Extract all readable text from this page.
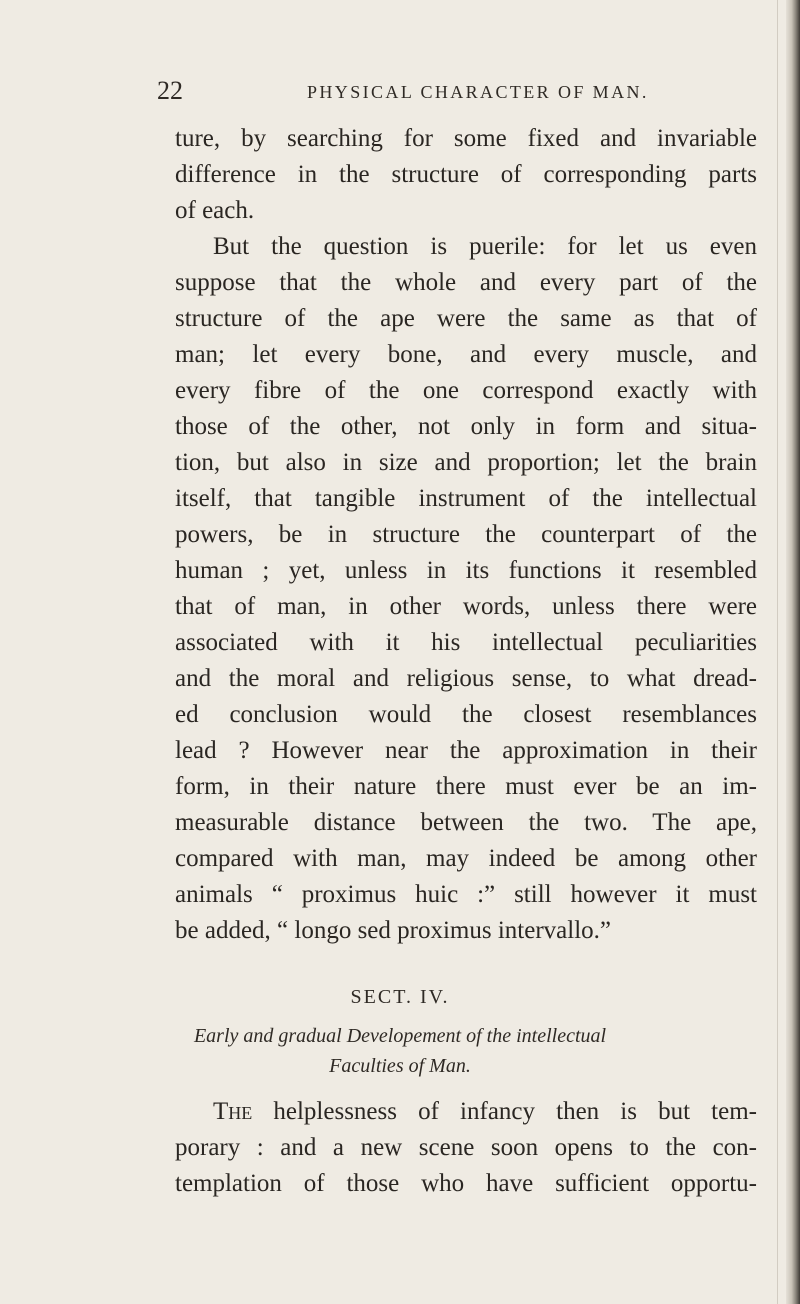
22	PHYSICAL CHARACTER OF MAN.
ture, by searching for some fixed and invariable
difference in the structure of corresponding parts
of each.
But the question is puerile: for let us even
suppose that the whole and every part of the
structure of the ape were the same as that of
man; let every bone, and every muscle, and
every fibre of the one correspond exactly with
those of the other, not only in form and situa-
tion, but also in size and proportion; let the brain
itself, that tangible instrument of the intellectual
powers, be in structure the counterpart of the
human ; yet, unless in its functions it resembled
that of man, in other words, unless there were
associated with it his intellectual peculiarities
and the moral and religious sense, to what dread-
ed conclusion would the closest resemblances
lead ? However near the approximation in their
form, in their nature there must ever be an im-
measurable distance between the two. The ape,
compared with man, may indeed be among other
animals “ proximus huic :” still however it must
be added, “ longo sed proximus intervallo.”
SECT. IV.
Early and gradual Developement of the intellectual
Faculties of Man.
The helplessness of infancy then is but tem-
porary : and a new scene soon opens to the con-
templation of those who have sufficient opportu-
